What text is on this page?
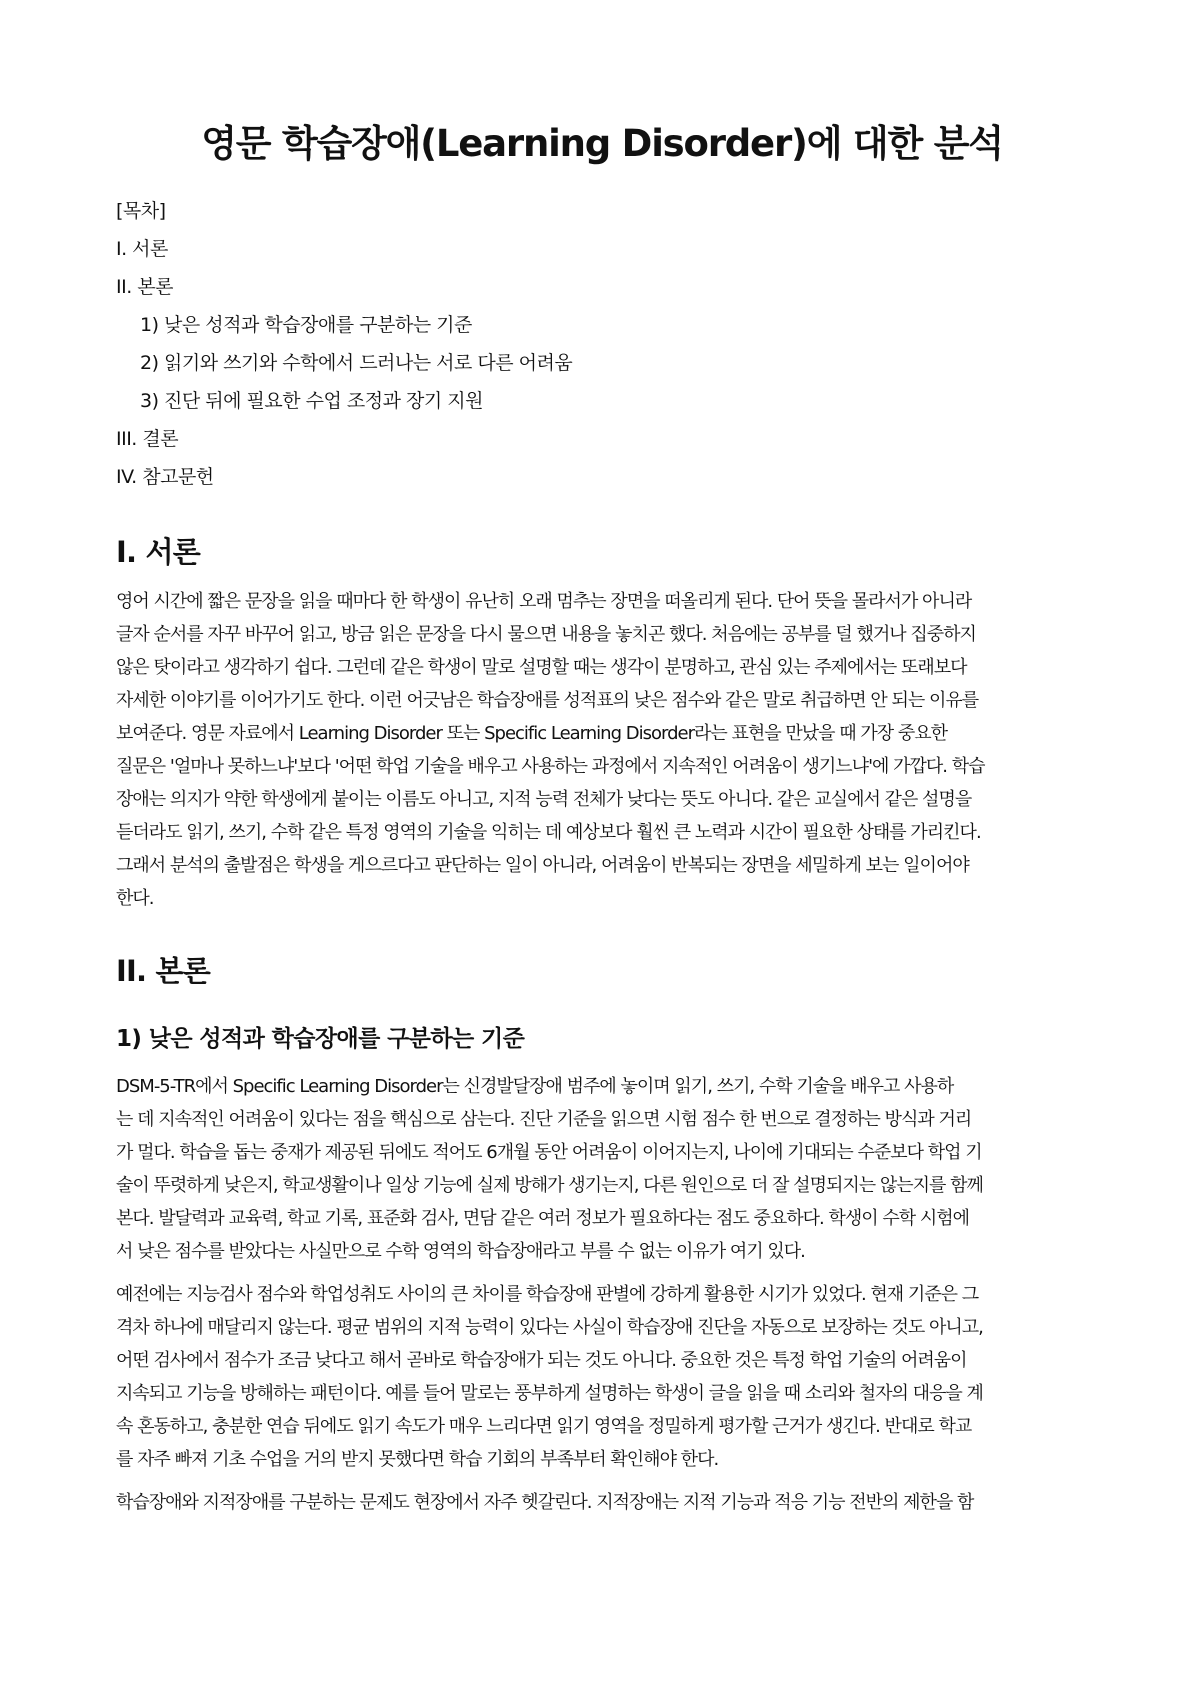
영문 학습장애(Learning Disorder)에 대한 분석
[목차]
I. 서론
II. 본론
1) 낮은 성적과 학습장애를 구분하는 기준
2) 읽기와 쓰기와 수학에서 드러나는 서로 다른 어려움
3) 진단 뒤에 필요한 수업 조정과 장기 지원
III. 결론
IV. 참고문헌
I. 서론
영어 시간에 짧은 문장을 읽을 때마다 한 학생이 유난히 오래 멈추는 장면을 떠올리게 된다. 단어 뜻을 몰라서가 아니라
글자 순서를 자꾸 바꾸어 읽고, 방금 읽은 문장을 다시 물으면 내용을 놓치곤 했다. 처음에는 공부를 덜 했거나 집중하지
않은 탓이라고 생각하기 쉽다. 그런데 같은 학생이 말로 설명할 때는 생각이 분명하고, 관심 있는 주제에서는 또래보다
자세한 이야기를 이어가기도 한다. 이런 어긋남은 학습장애를 성적표의 낮은 점수와 같은 말로 취급하면 안 되는 이유를
보여준다. 영문 자료에서 Learning Disorder 또는 Specific Learning Disorder라는 표현을 만났을 때 가장 중요한
질문은 '얼마나 못하느냐'보다 '어떤 학업 기술을 배우고 사용하는 과정에서 지속적인 어려움이 생기느냐'에 가깝다. 학습
장애는 의지가 약한 학생에게 붙이는 이름도 아니고, 지적 능력 전체가 낮다는 뜻도 아니다. 같은 교실에서 같은 설명을
듣더라도 읽기, 쓰기, 수학 같은 특정 영역의 기술을 익히는 데 예상보다 훨씬 큰 노력과 시간이 필요한 상태를 가리킨다.
그래서 분석의 출발점은 학생을 게으르다고 판단하는 일이 아니라, 어려움이 반복되는 장면을 세밀하게 보는 일이어야
한다.
II. 본론
1) 낮은 성적과 학습장애를 구분하는 기준
DSM-5-TR에서 Specific Learning Disorder는 신경발달장애 범주에 놓이며 읽기, 쓰기, 수학 기술을 배우고 사용하
는 데 지속적인 어려움이 있다는 점을 핵심으로 삼는다. 진단 기준을 읽으면 시험 점수 한 번으로 결정하는 방식과 거리
가 멀다. 학습을 돕는 중재가 제공된 뒤에도 적어도 6개월 동안 어려움이 이어지는지, 나이에 기대되는 수준보다 학업 기
술이 뚜렷하게 낮은지, 학교생활이나 일상 기능에 실제 방해가 생기는지, 다른 원인으로 더 잘 설명되지는 않는지를 함께
본다. 발달력과 교육력, 학교 기록, 표준화 검사, 면담 같은 여러 정보가 필요하다는 점도 중요하다. 학생이 수학 시험에
서 낮은 점수를 받았다는 사실만으로 수학 영역의 학습장애라고 부를 수 없는 이유가 여기 있다.
예전에는 지능검사 점수와 학업성취도 사이의 큰 차이를 학습장애 판별에 강하게 활용한 시기가 있었다. 현재 기준은 그
격차 하나에 매달리지 않는다. 평균 범위의 지적 능력이 있다는 사실이 학습장애 진단을 자동으로 보장하는 것도 아니고,
어떤 검사에서 점수가 조금 낮다고 해서 곧바로 학습장애가 되는 것도 아니다. 중요한 것은 특정 학업 기술의 어려움이
지속되고 기능을 방해하는 패턴이다. 예를 들어 말로는 풍부하게 설명하는 학생이 글을 읽을 때 소리와 철자의 대응을 계
속 혼동하고, 충분한 연습 뒤에도 읽기 속도가 매우 느리다면 읽기 영역을 정밀하게 평가할 근거가 생긴다. 반대로 학교
를 자주 빠져 기초 수업을 거의 받지 못했다면 학습 기회의 부족부터 확인해야 한다.
학습장애와 지적장애를 구분하는 문제도 현장에서 자주 헷갈린다. 지적장애는 지적 기능과 적응 기능 전반의 제한을 함
